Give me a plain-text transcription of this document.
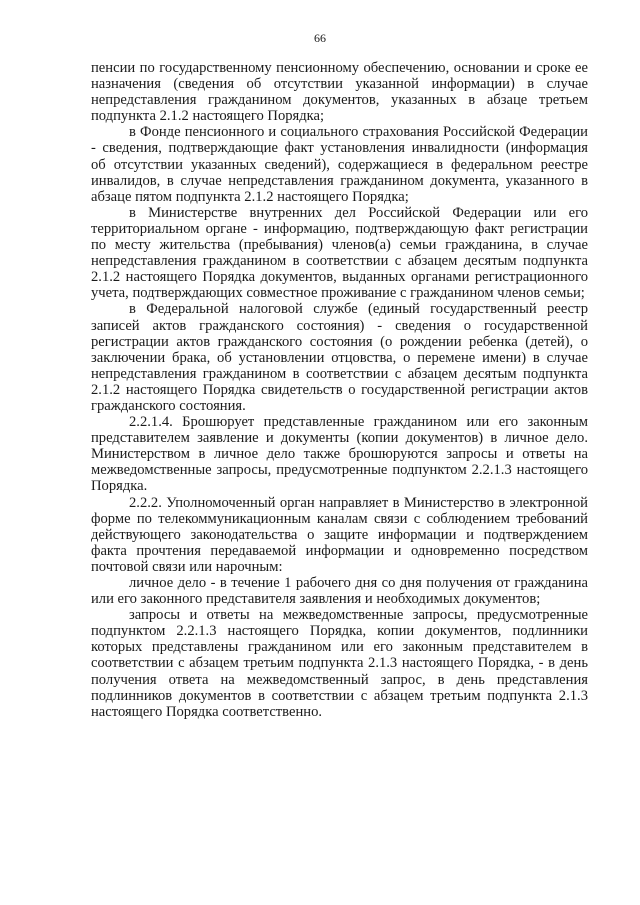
66

пенсии по государственному пенсионному обеспечению, основании и сроке ее назначения (сведения об отсутствии указанной информации) в случае непредставления гражданином документов, указанных в абзаце третьем подпункта 2.1.2 настоящего Порядка;

в Фонде пенсионного и социального страхования Российской Федерации - сведения, подтверждающие факт установления инвалидности (информация об отсутствии указанных сведений), содержащиеся в федеральном реестре инвалидов, в случае непредставления гражданином документа, указанного в абзаце пятом подпункта 2.1.2 настоящего Порядка;

в Министерстве внутренних дел Российской Федерации или его территориальном органе - информацию, подтверждающую факт регистрации по месту жительства (пребывания) членов(а) семьи гражданина, в случае непредставления гражданином в соответствии с абзацем десятым подпункта 2.1.2 настоящего Порядка документов, выданных органами регистрационного учета, подтверждающих совместное проживание с гражданином членов семьи;

в Федеральной налоговой службе (единый государственный реестр записей актов гражданского состояния) - сведения о государственной регистрации актов гражданского состояния (о рождении ребенка (детей), о заключении брака, об установлении отцовства, о перемене имени) в случае непредставления гражданином в соответствии с абзацем десятым подпункта 2.1.2 настоящего Порядка свидетельств о государственной регистрации актов гражданского состояния.

2.2.1.4. Брошюрует представленные гражданином или его законным представителем заявление и документы (копии документов) в личное дело. Министерством в личное дело также брошюруются запросы и ответы на межведомственные запросы, предусмотренные подпунктом 2.2.1.3 настоящего Порядка.

2.2.2. Уполномоченный орган направляет в Министерство в электронной форме по телекоммуникационным каналам связи с соблюдением требований действующего законодательства о защите информации и подтверждением факта прочтения передаваемой информации и одновременно посредством почтовой связи или нарочным:

личное дело - в течение 1 рабочего дня со дня получения от гражданина или его законного представителя заявления и необходимых документов;

запросы и ответы на межведомственные запросы, предусмотренные подпунктом 2.2.1.3 настоящего Порядка, копии документов, подлинники которых представлены гражданином или его законным представителем в соответствии с абзацем третьим подпункта 2.1.3 настоящего Порядка, - в день получения ответа на межведомственный запрос, в день представления подлинников документов в соответствии с абзацем третьим подпункта 2.1.3 настоящего Порядка соответственно.
